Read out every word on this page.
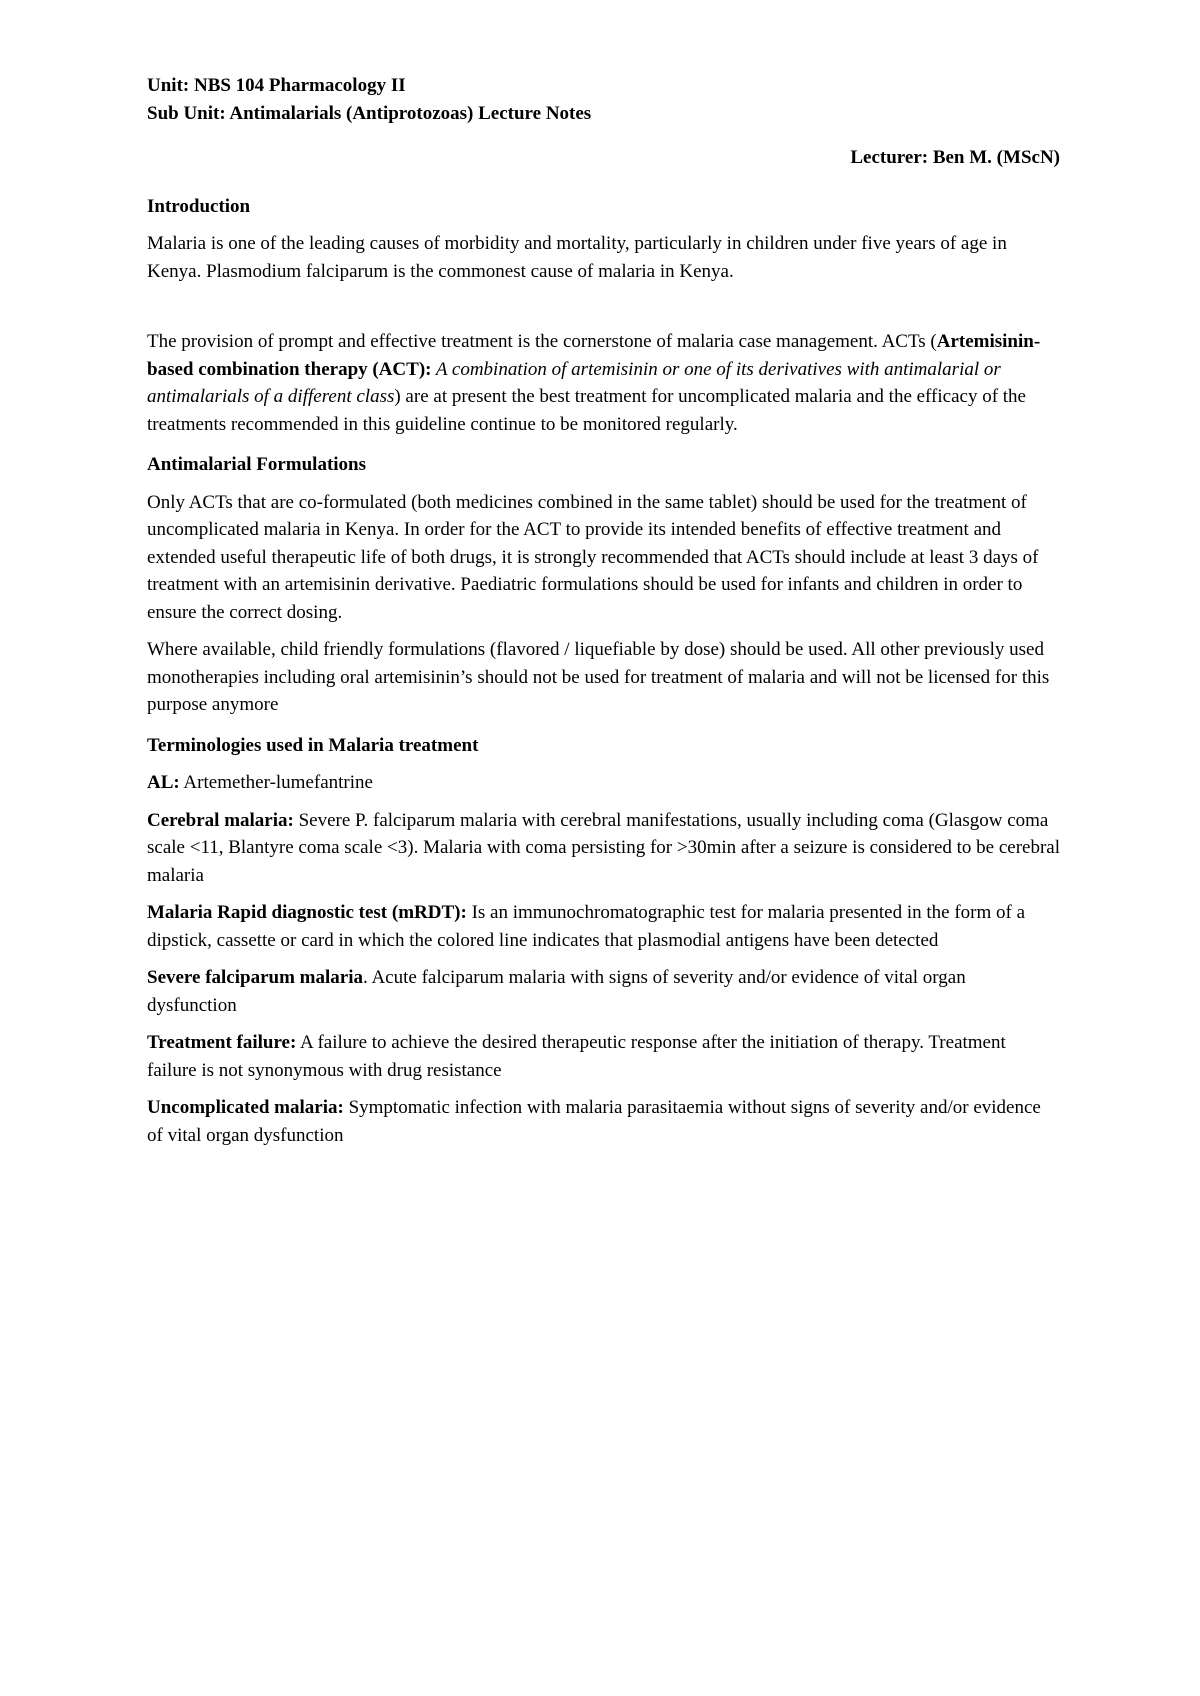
Unit: NBS 104 Pharmacology II
Sub Unit: Antimalarials (Antiprotozoas) Lecture Notes
Lecturer: Ben M. (MScN)
Introduction

Malaria is one of the leading causes of morbidity and mortality, particularly in children under five years of age in Kenya. Plasmodium falciparum is the commonest cause of malaria in Kenya.

The provision of prompt and effective treatment is the cornerstone of malaria case management. ACTs (Artemisinin-based combination therapy (ACT): A combination of artemisinin or one of its derivatives with antimalarial or antimalarials of a different class) are at present the best treatment for uncomplicated malaria and the efficacy of the treatments recommended in this guideline continue to be monitored regularly.

Antimalarial Formulations

Only ACTs that are co-formulated (both medicines combined in the same tablet) should be used for the treatment of uncomplicated malaria in Kenya. In order for the ACT to provide its intended benefits of effective treatment and extended useful therapeutic life of both drugs, it is strongly recommended that ACTs should include at least 3 days of treatment with an artemisinin derivative. Paediatric formulations should be used for infants and children in order to ensure the correct dosing.

Where available, child friendly formulations (flavored / liquefiable by dose) should be used. All other previously used monotherapies including oral artemisinin’s should not be used for treatment of malaria and will not be licensed for this purpose anymore

Terminologies used in Malaria treatment

AL: Artemether-lumefantrine

Cerebral malaria: Severe P. falciparum malaria with cerebral manifestations, usually including coma (Glasgow coma scale <11, Blantyre coma scale <3). Malaria with coma persisting for >30min after a seizure is considered to be cerebral malaria

Malaria Rapid diagnostic test (mRDT): Is an immunochromatographic test for malaria presented in the form of a dipstick, cassette or card in which the colored line indicates that plasmodial antigens have been detected

Severe falciparum malaria. Acute falciparum malaria with signs of severity and/or evidence of vital organ dysfunction

Treatment failure: A failure to achieve the desired therapeutic response after the initiation of therapy. Treatment failure is not synonymous with drug resistance

Uncomplicated malaria: Symptomatic infection with malaria parasitaemia without signs of severity and/or evidence of vital organ dysfunction
